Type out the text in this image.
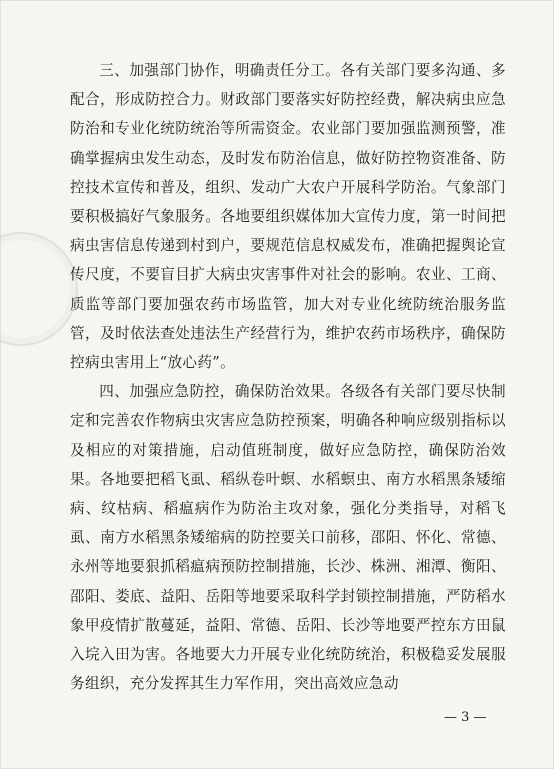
三、加强部门协作，明确责任分工。各有关部门要多沟通、多配合，形成防控合力。财政部门要落实好防控经费，解决病虫应急防治和专业化统防统治等所需资金。农业部门要加强监测预警，准确掌握病虫发生动态，及时发布防治信息，做好防控物资准备、防控技术宣传和普及，组织、发动广大农户开展科学防治。气象部门要积极搞好气象服务。各地要组织媒体加大宣传力度，第一时间把病虫害信息传递到村到户，要规范信息权威发布，准确把握舆论宣传尺度，不要盲目扩大病虫灾害事件对社会的影响。农业、工商、质监等部门要加强农药市场监管，加大对专业化统防统治服务监管，及时依法查处违法生产经营行为，维护农药市场秩序，确保防控病虫害用上“放心药”。

四、加强应急防控，确保防治效果。各级各有关部门要尽快制定和完善农作物病虫灾害应急防控预案，明确各种响应级别指标以及相应的对策措施，启动值班制度，做好应急防控，确保防治效果。各地要把稻飞虱、稻纵卷叶螟、水稻螟虫、南方水稻黑条矮缩病、纹枯病、稻瘟病作为防治主攻对象，强化分类指导，对稻飞虱、南方水稻黑条矮缩病的防控要关口前移，邵阳、怀化、常德、永州等地要狠抓稻瘟病预防控制措施，长沙、株洲、湘潭、衡阳、邵阳、娄底、益阳、岳阳等地要采取科学封锁控制措施，严防稻水象甲疫情扩散蔓延，益阳、常德、岳阳、长沙等地要严控东方田鼠入垸入田为害。各地要大力开展专业化统防统治，积极稳妥发展服务组织，充分发挥其生力军作用，突出高效应急动

— 3 —
